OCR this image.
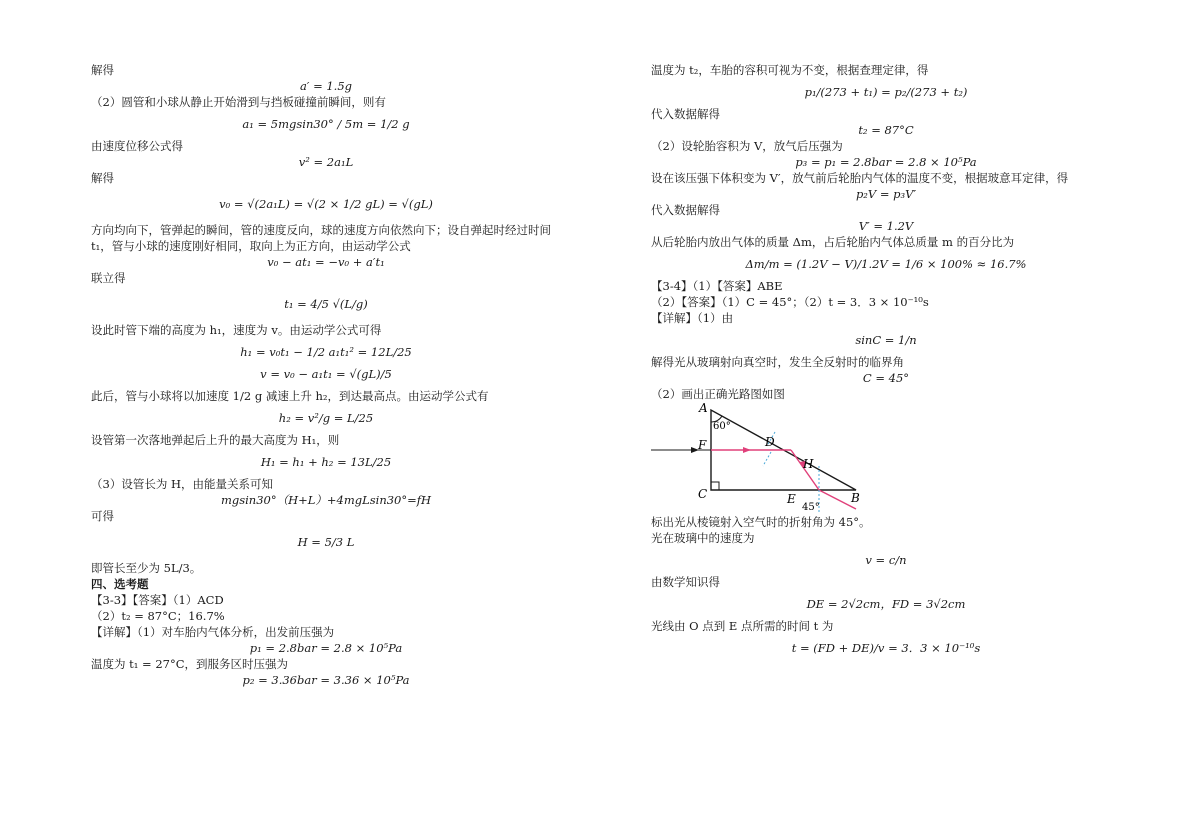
解得
a′ = 1.5g
（2）圆管和小球从静止开始滑到与挡板碰撞前瞬间，则有
a₁ = 5mgsin30° / 5m = 1/2 g
由速度位移公式得
v² = 2a₁L
解得
v₀ = √(2a₁L) = √(2 × 1/2 gL) = √(gL)
方向均向下，管弹起的瞬间，管的速度反向，球的速度方向依然向下；设自弹起时经过时间
t₁，管与小球的速度刚好相同，取向上为正方向，由运动学公式
v₀ − at₁ = −v₀ + a′t₁
联立得
t₁ = 4/5 √(L/g)
设此时管下端的高度为 h₁，速度为 v。由运动学公式可得
h₁ = v₀t₁ − 1/2 a₁t₁² = 12L/25
v = v₀ − a₁t₁ = √(gL)/5
此后，管与小球将以加速度 1/2 g 减速上升 h₂，到达最高点。由运动学公式有
h₂ = v²/g = L/25
设管第一次落地弹起后上升的最大高度为 H₁，则
H₁ = h₁ + h₂ = 13L/25
（3）设管长为 H，由能量关系可知
mgsin30°（H+L）+4mgLsin30°=fH
可得
H = 5/3 L
即管长至少为 5L/3。
四、选考题
【3-3】【答案】（1）ACD
（2）t₂ = 87°C；16.7%
【详解】（1）对车胎内气体分析，出发前压强为
p₁ = 2.8bar = 2.8 × 10⁵Pa
温度为 t₁ = 27°C，到服务区时压强为
p₂ = 3.36bar = 3.36 × 10⁵Pa
温度为 t₂，车胎的容积可视为不变，根据查理定律，得
p₁/(273 + t₁) = p₂/(273 + t₂)
代入数据解得
t₂ = 87°C
（2）设轮胎容积为 V，放气后压强为
p₃ = p₁ = 2.8bar = 2.8 × 10⁵Pa
设在该压强下体积变为 V′，放气前后轮胎内气体的温度不变，根据玻意耳定律，得
p₂V = p₃V′
代入数据解得
V′ = 1.2V
从后轮胎内放出气体的质量 Δm，占后轮胎内气体总质量 m 的百分比为
Δm/m = (1.2V − V)/1.2V = 1/6 × 100% ≈ 16.7%
【3-4】（1）【答案】ABE
（2）【答案】（1）C = 45°；（2）t = 3．3 × 10⁻¹⁰s
【详解】（1）由
sinC = 1/n
解得光从玻璃射向真空时，发生全反射时的临界角
C = 45°
（2）画出正确光路图如图
A
60°
F	D
H
C	E
45°
B
标出光从棱镜射入空气时的折射角为 45°。
光在玻璃中的速度为
v = c/n
由数学知识得
DE = 2√2cm，FD = 3√2cm
光线由 O 点到 E 点所需的时间 t 为
t = (FD + DE)/v = 3．3 × 10⁻¹⁰s
